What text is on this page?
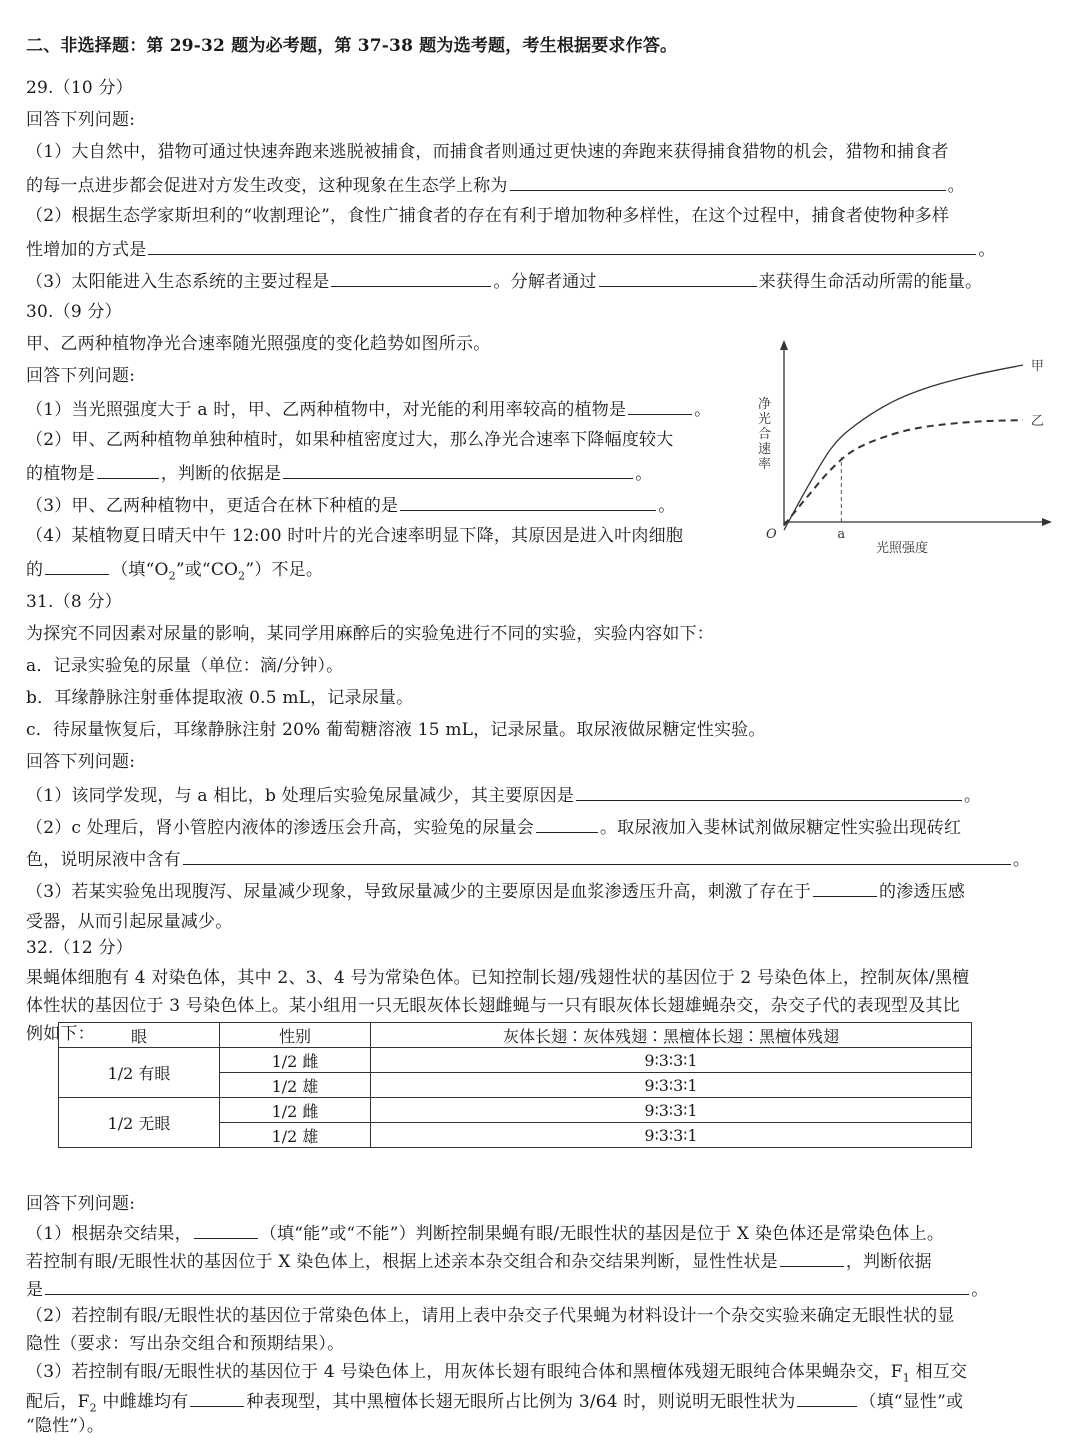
二、非选择题：第 29-32 题为必考题，第 37-38 题为选考题，考生根据要求作答。
29.（10 分）
回答下列问题:
（1）大自然中，猎物可通过快速奔跑来逃脱被捕食，而捕食者则通过更快速的奔跑来获得捕食猎物的机会，猎物和捕食者
的每一点进步都会促进对方发生改变，这种现象在生态学上称为	。
（2）根据生态学家斯坦利的“收割理论”，食性广捕食者的存在有利于增加物种多样性，在这个过程中，捕食者使物种多样
性增加的方式是	。
（3）太阳能进入生态系统的主要过程是	。分解者通过	来获得生命活动所需的能量。
30.（9 分）
甲、乙两种植物净光合速率随光照强度的变化趋势如图所示。
回答下列问题:
（1）当光照强度大于 a 时，甲、乙两种植物中，对光能的利用率较高的植物是	。
（2）甲、乙两种植物单独种植时，如果种植密度过大，那么净光合速率下降幅度较大
的植物是	，判断的依据是	。
（3）甲、乙两种植物中，更适合在林下种植的是	。
（4）某植物夏日晴天中午 12:00 时叶片的光合速率明显下降，其原因是进入叶肉细胞
的	（填“$O_2$”或“$CO_2$”）不足。
31.（8 分）
为探究不同因素对尿量的影响，某同学用麻醉后的实验兔进行不同的实验，实验内容如下：
a．记录实验兔的尿量（单位：滴/分钟）。
b．耳缘静脉注射垂体提取液 0.5 mL，记录尿量。
c．待尿量恢复后，耳缘静脉注射 20% 葡萄糖溶液 15 mL，记录尿量。取尿液做尿糖定性实验。
回答下列问题:
（1）该同学发现，与 a 相比，b 处理后实验兔尿量减少，其主要原因是	。
（2）c 处理后，肾小管腔内液体的渗透压会升高，实验兔的尿量会	。取尿液加入斐林试剂做尿糖定性实验出现砖红
色，说明尿液中含有	。
（3）若某实验兔出现腹泻、尿量减少现象，导致尿量减少的主要原因是血浆渗透压升高，刺激了存在于	的渗透压感
受器，从而引起尿量减少。
32.（12 分）
果蝇体细胞有 4 对染色体，其中 2、3、4 号为常染色体。已知控制长翅/残翅性状的基因位于 2 号染色体上，控制灰体/黑檀
体性状的基因位于 3 号染色体上。某小组用一只无眼灰体长翅雌蝇与一只有眼灰体长翅雄蝇杂交，杂交子代的表现型及其比
例如下：
回答下列问题:
（1）根据杂交结果，	（填“能”或“不能”）判断控制果蝇有眼/无眼性状的基因是位于 X 染色体还是常染色体上。
若控制有眼/无眼性状的基因位于 X 染色体上，根据上述亲本杂交组合和杂交结果判断，显性性状是	，判断依据
是	。
（2）若控制有眼/无眼性状的基因位于常染色体上，请用上表中杂交子代果蝇为材料设计一个杂交实验来确定无眼性状的显
隐性（要求：写出杂交组合和预期结果）。
（3）若控制有眼/无眼性状的基因位于 4 号染色体上，用灰体长翅有眼纯合体和黑檀体残翅无眼纯合体果蝇杂交，$F_1$ 相互交
配后，$F_2$ 中雌雄均有	种表现型，其中黑檀体长翅无眼所占比例为 3/64 时，则说明无眼性状为	（填“显性”或
“隐性”）。
甲
乙
a
O
光照强度
净
光
合
速
率
眼	性别	灰体长翅∶灰体残翅∶黑檀体长翅∶黑檀体残翅
1/2 有眼	1/2 雌	9∶3∶3∶1
	1/2 雄	9∶3∶3∶1
1/2 无眼	1/2 雌	9∶3∶3∶1
	1/2 雄	9∶3∶3∶1
